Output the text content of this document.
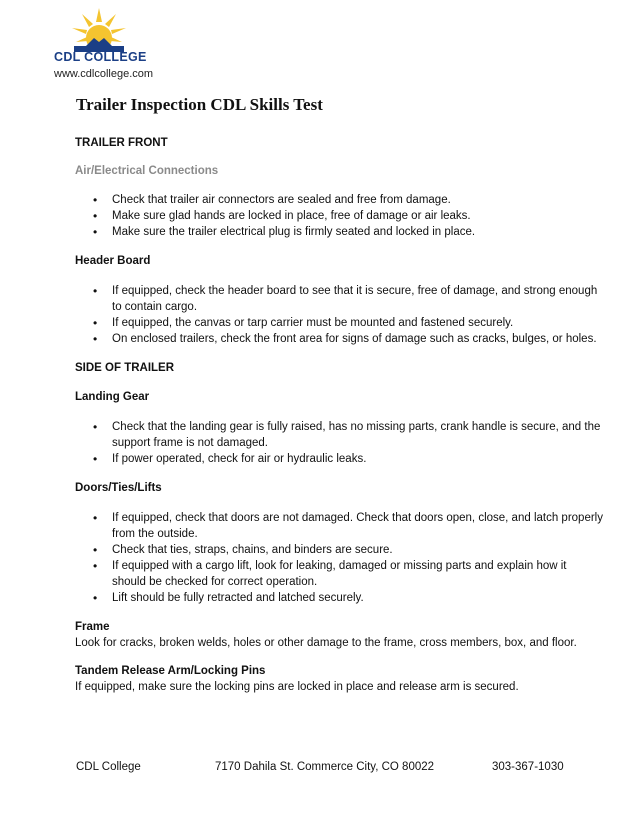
CDL COLLEGE
www.cdlcollege.com
Trailer Inspection CDL Skills Test
TRAILER FRONT
Air/Electrical Connections
• Check that trailer air connectors are sealed and free from damage.
• Make sure glad hands are locked in place, free of damage or air leaks.
• Make sure the trailer electrical plug is firmly seated and locked in place.
Header Board
• If equipped, check the header board to see that it is secure, free of damage, and strong enough to contain cargo.
• If equipped, the canvas or tarp carrier must be mounted and fastened securely.
• On enclosed trailers, check the front area for signs of damage such as cracks, bulges, or holes.
SIDE OF TRAILER
Landing Gear
• Check that the landing gear is fully raised, has no missing parts, crank handle is secure, and the support frame is not damaged.
• If power operated, check for air or hydraulic leaks.
Doors/Ties/Lifts
• If equipped, check that doors are not damaged. Check that doors open, close, and latch properly from the outside.
• Check that ties, straps, chains, and binders are secure.
• If equipped with a cargo lift, look for leaking, damaged or missing parts and explain how it should be checked for correct operation.
• Lift should be fully retracted and latched securely.
Frame

Look for cracks, broken welds, holes or other damage to the frame, cross members, box, and floor.

Tandem Release Arm/Locking Pins

If equipped, make sure the locking pins are locked in place and release arm is secured.

CDL College	7170 Dahila St. Commerce City, CO 80022	303-367-1030
